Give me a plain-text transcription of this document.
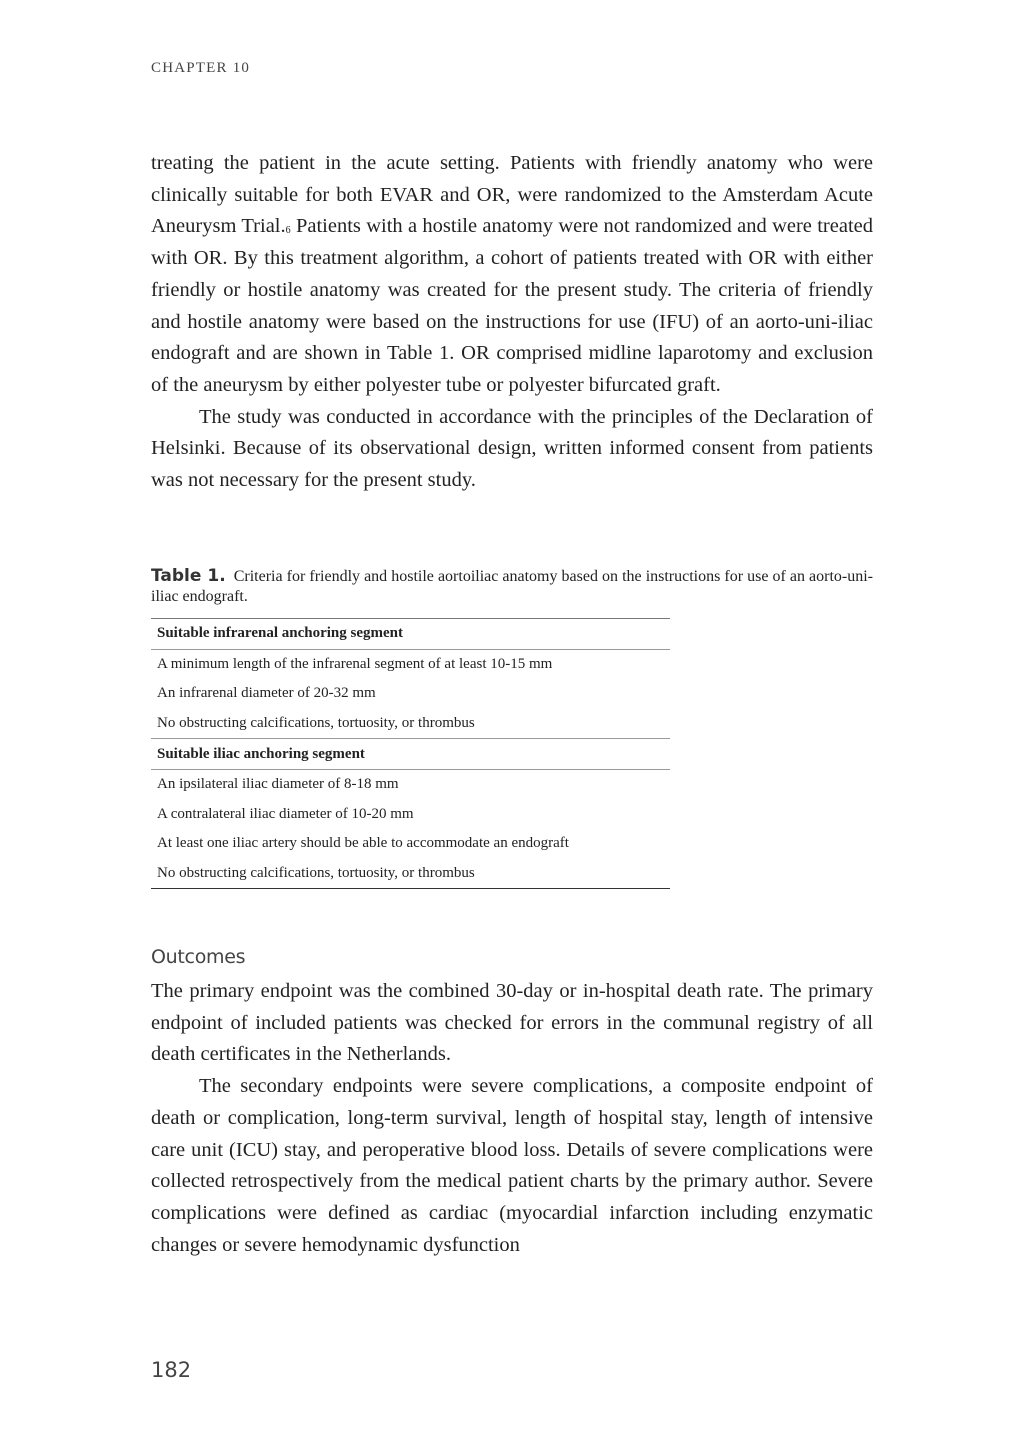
CHAPTER 10

treating the patient in the acute setting. Patients with friendly anatomy who were clinically suitable for both EVAR and OR, were randomized to the Amsterdam Acute Aneurysm Trial.$^6$ Patients with a hostile anatomy were not randomized and were treated with OR. By this treatment algorithm, a cohort of patients treated with OR with either friendly or hostile anatomy was created for the present study. The criteria of friendly and hostile anatomy were based on the instructions for use (IFU) of an aorto-uni-iliac endograft and are shown in Table 1. OR comprised midline laparotomy and exclusion of the aneurysm by either polyester tube or polyester bifurcated graft.

The study was conducted in accordance with the principles of the Declaration of Helsinki. Because of its observational design, written informed consent from patients was not necessary for the present study.

Table 1. Criteria for friendly and hostile aortoiliac anatomy based on the instructions for use of an aorto-uni-iliac endograft.
Suitable infrarenal anchoring segment
A minimum length of the infrarenal segment of at least 10-15 mm
An infrarenal diameter of 20-32 mm
No obstructing calcifications, tortuosity, or thrombus
Suitable iliac anchoring segment
An ipsilateral iliac diameter of 8-18 mm
A contralateral iliac diameter of 10-20 mm
At least one iliac artery should be able to accommodate an endograft
No obstructing calcifications, tortuosity, or thrombus
Outcomes

The primary endpoint was the combined 30-day or in-hospital death rate. The primary endpoint of included patients was checked for errors in the communal registry of all death certificates in the Netherlands.

The secondary endpoints were severe complications, a composite endpoint of death or complication, long-term survival, length of hospital stay, length of intensive care unit (ICU) stay, and peroperative blood loss. Details of severe complications were collected retrospectively from the medical patient charts by the primary author. Severe complications were defined as cardiac (myocardial infarction including enzymatic changes or severe hemodynamic dysfunction

182
